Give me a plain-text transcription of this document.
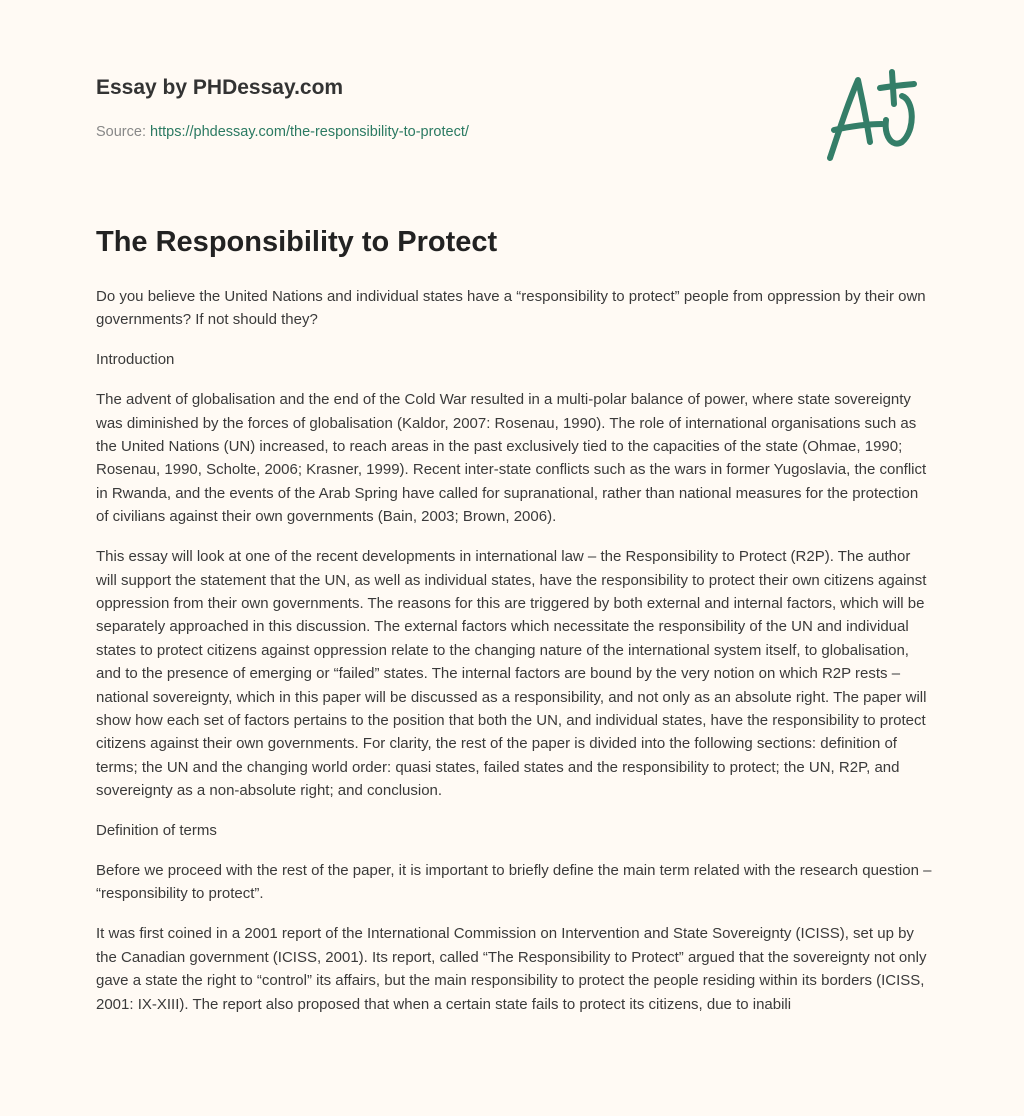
Essay by PHDessay.com

Source: https://phdessay.com/the-responsibility-to-protect/
The Responsibility to Protect

Do you believe the United Nations and individual states have a “responsibility to protect” people from oppression by their own governments? If not should they?

Introduction

The advent of globalisation and the end of the Cold War resulted in a multi-polar balance of power, where state sovereignty was diminished by the forces of globalisation (Kaldor, 2007: Rosenau, 1990). The role of international organisations such as the United Nations (UN) increased, to reach areas in the past exclusively tied to the capacities of the state (Ohmae, 1990; Rosenau, 1990, Scholte, 2006; Krasner, 1999). Recent inter-state conflicts such as the wars in former Yugoslavia, the conflict in Rwanda, and the events of the Arab Spring have called for supranational, rather than national measures for the protection of civilians against their own governments (Bain, 2003; Brown, 2006).

This essay will look at one of the recent developments in international law – the Responsibility to Protect (R2P). The author will support the statement that the UN, as well as individual states, have the responsibility to protect their own citizens against oppression from their own governments. The reasons for this are triggered by both external and internal factors, which will be separately approached in this discussion. The external factors which necessitate the responsibility of the UN and individual states to protect citizens against oppression relate to the changing nature of the international system itself, to globalisation, and to the presence of emerging or “failed” states. The internal factors are bound by the very notion on which R2P rests – national sovereignty, which in this paper will be discussed as a responsibility, and not only as an absolute right. The paper will show how each set of factors pertains to the position that both the UN, and individual states, have the responsibility to protect citizens against their own governments. For clarity, the rest of the paper is divided into the following sections: definition of terms; the UN and the changing world order: quasi states, failed states and the responsibility to protect; the UN, R2P, and sovereignty as a non-absolute right; and conclusion.

Definition of terms

Before we proceed with the rest of the paper, it is important to briefly define the main term related with the research question – “responsibility to protect”.

It was first coined in a 2001 report of the International Commission on Intervention and State Sovereignty (ICISS), set up by the Canadian government (ICISS, 2001). Its report, called “The Responsibility to Protect” argued that the sovereignty not only gave a state the right to “control” its affairs, but the main responsibility to protect the people residing within its borders (ICISS, 2001: IX-XIII). The report also proposed that when a certain state fails to protect its citizens, due to inabili
